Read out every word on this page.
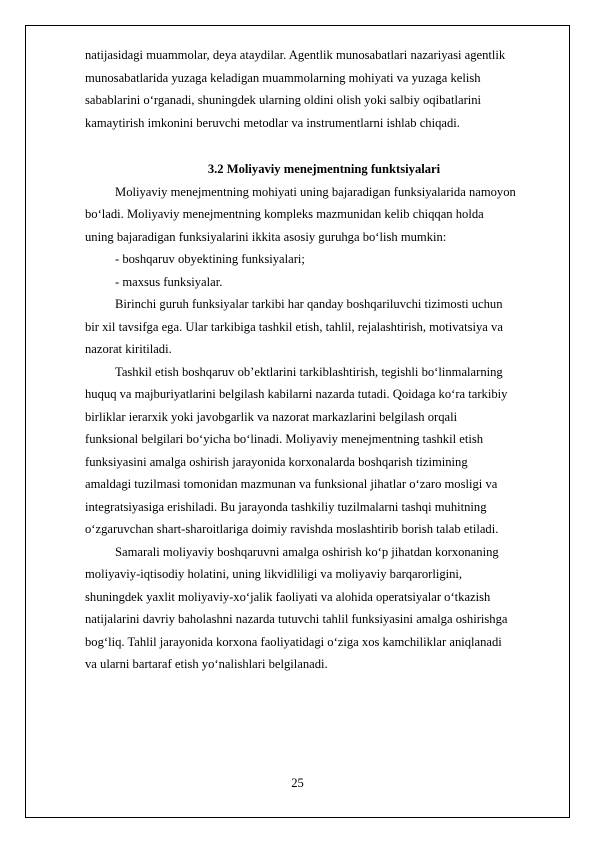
natijasidagi muammolar, deya ataydilar. Agentlik munosabatlari nazariyasi agentlik
munosabatlarida yuzaga keladigan muammolarning mohiyati va yuzaga kelish
sabablarini o‘rganadi, shuningdek ularning oldini olish yoki salbiy oqibatlarini
kamaytirish imkonini beruvchi metodlar va instrumentlarni ishlab chiqadi.
3.2 Moliyaviy menejmentning funktsiyalari
Moliyaviy menejmentning mohiyati uning bajaradigan funksiyalarida namoyon
bo‘ladi. Moliyaviy menejmentning kompleks mazmunidan kelib chiqqan holda
uning bajaradigan funksiyalarini ikkita asosiy guruhga bo‘lish mumkin:
- boshqaruv obyektining funksiyalari;
- maxsus funksiyalar.
Birinchi guruh funksiyalar tarkibi har qanday boshqariluvchi tizimosti uchun
bir xil tavsifga ega. Ular tarkibiga tashkil etish, tahlil, rejalashtirish, motivatsiya va
nazorat kiritiladi.
Tashkil etish boshqaruv ob’ektlarini tarkiblashtirish, tegishli bo‘linmalarning
huquq va majburiyatlarini belgilash kabilarni nazarda tutadi. Qoidaga ko‘ra tarkibiy
birliklar ierarxik yoki javobgarlik va nazorat markazlarini belgilash orqali
funksional belgilari bo‘yicha bo‘linadi. Moliyaviy menejmentning tashkil etish
funksiyasini amalga oshirish jarayonida korxonalarda boshqarish tizimining
amaldagi tuzilmasi tomonidan mazmunan va funksional jihatlar o‘zaro mosligi va
integratsiyasiga erishiladi. Bu jarayonda tashkiliy tuzilmalarni tashqi muhitning
o‘zgaruvchan shart-sharoitlariga doimiy ravishda moslashtirib borish talab etiladi.
Samarali moliyaviy boshqaruvni amalga oshirish ko‘p jihatdan korxonaning
moliyaviy-iqtisodiy holatini, uning likvidliligi va moliyaviy barqarorligini,
shuningdek yaxlit moliyaviy-xo‘jalik faoliyati va alohida operatsiyalar o‘tkazish
natijalarini davriy baholashni nazarda tutuvchi tahlil funksiyasini amalga oshirishga
bog‘liq. Tahlil jarayonida korxona faoliyatidagi o‘ziga xos kamchiliklar aniqlanadi
va ularni bartaraf etish yo‘nalishlari belgilanadi.
25
